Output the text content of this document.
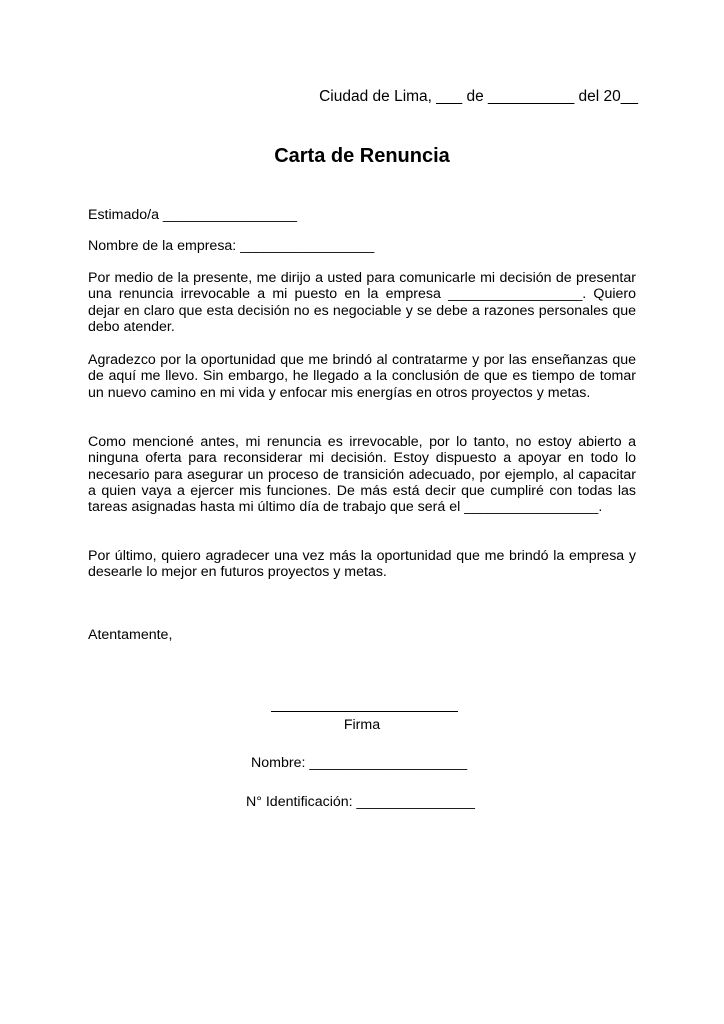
Ciudad de Lima, ___ de __________ del 20__
Carta de Renuncia
Estimado/a _________________
Nombre de la empresa: _________________

Por medio de la presente, me dirijo a usted para comunicarle mi decisión de presentar una renuncia irrevocable a mi puesto en la empresa _________________. Quiero dejar en claro que esta decisión no es negociable y se debe a razones personales que debo atender.

Agradezco por la oportunidad que me brindó al contratarme y por las enseñanzas que de aquí me llevo. Sin embargo, he llegado a la conclusión de que es tiempo de tomar un nuevo camino en mi vida y enfocar mis energías en otros proyectos y metas.

Como mencioné antes, mi renuncia es irrevocable, por lo tanto, no estoy abierto a ninguna oferta para reconsiderar mi decisión. Estoy dispuesto a apoyar en todo lo necesario para asegurar un proceso de transición adecuado, por ejemplo, al capacitar a quien vaya a ejercer mis funciones. De más está decir que cumpliré con todas las tareas asignadas hasta mi último día de trabajo que será el _________________.

Por último, quiero agradecer una vez más la oportunidad que me brindó la empresa y desearle lo mejor en futuros proyectos y metas.

Atentamente,
Firma
Nombre: ____________________
N° Identificación: _______________
